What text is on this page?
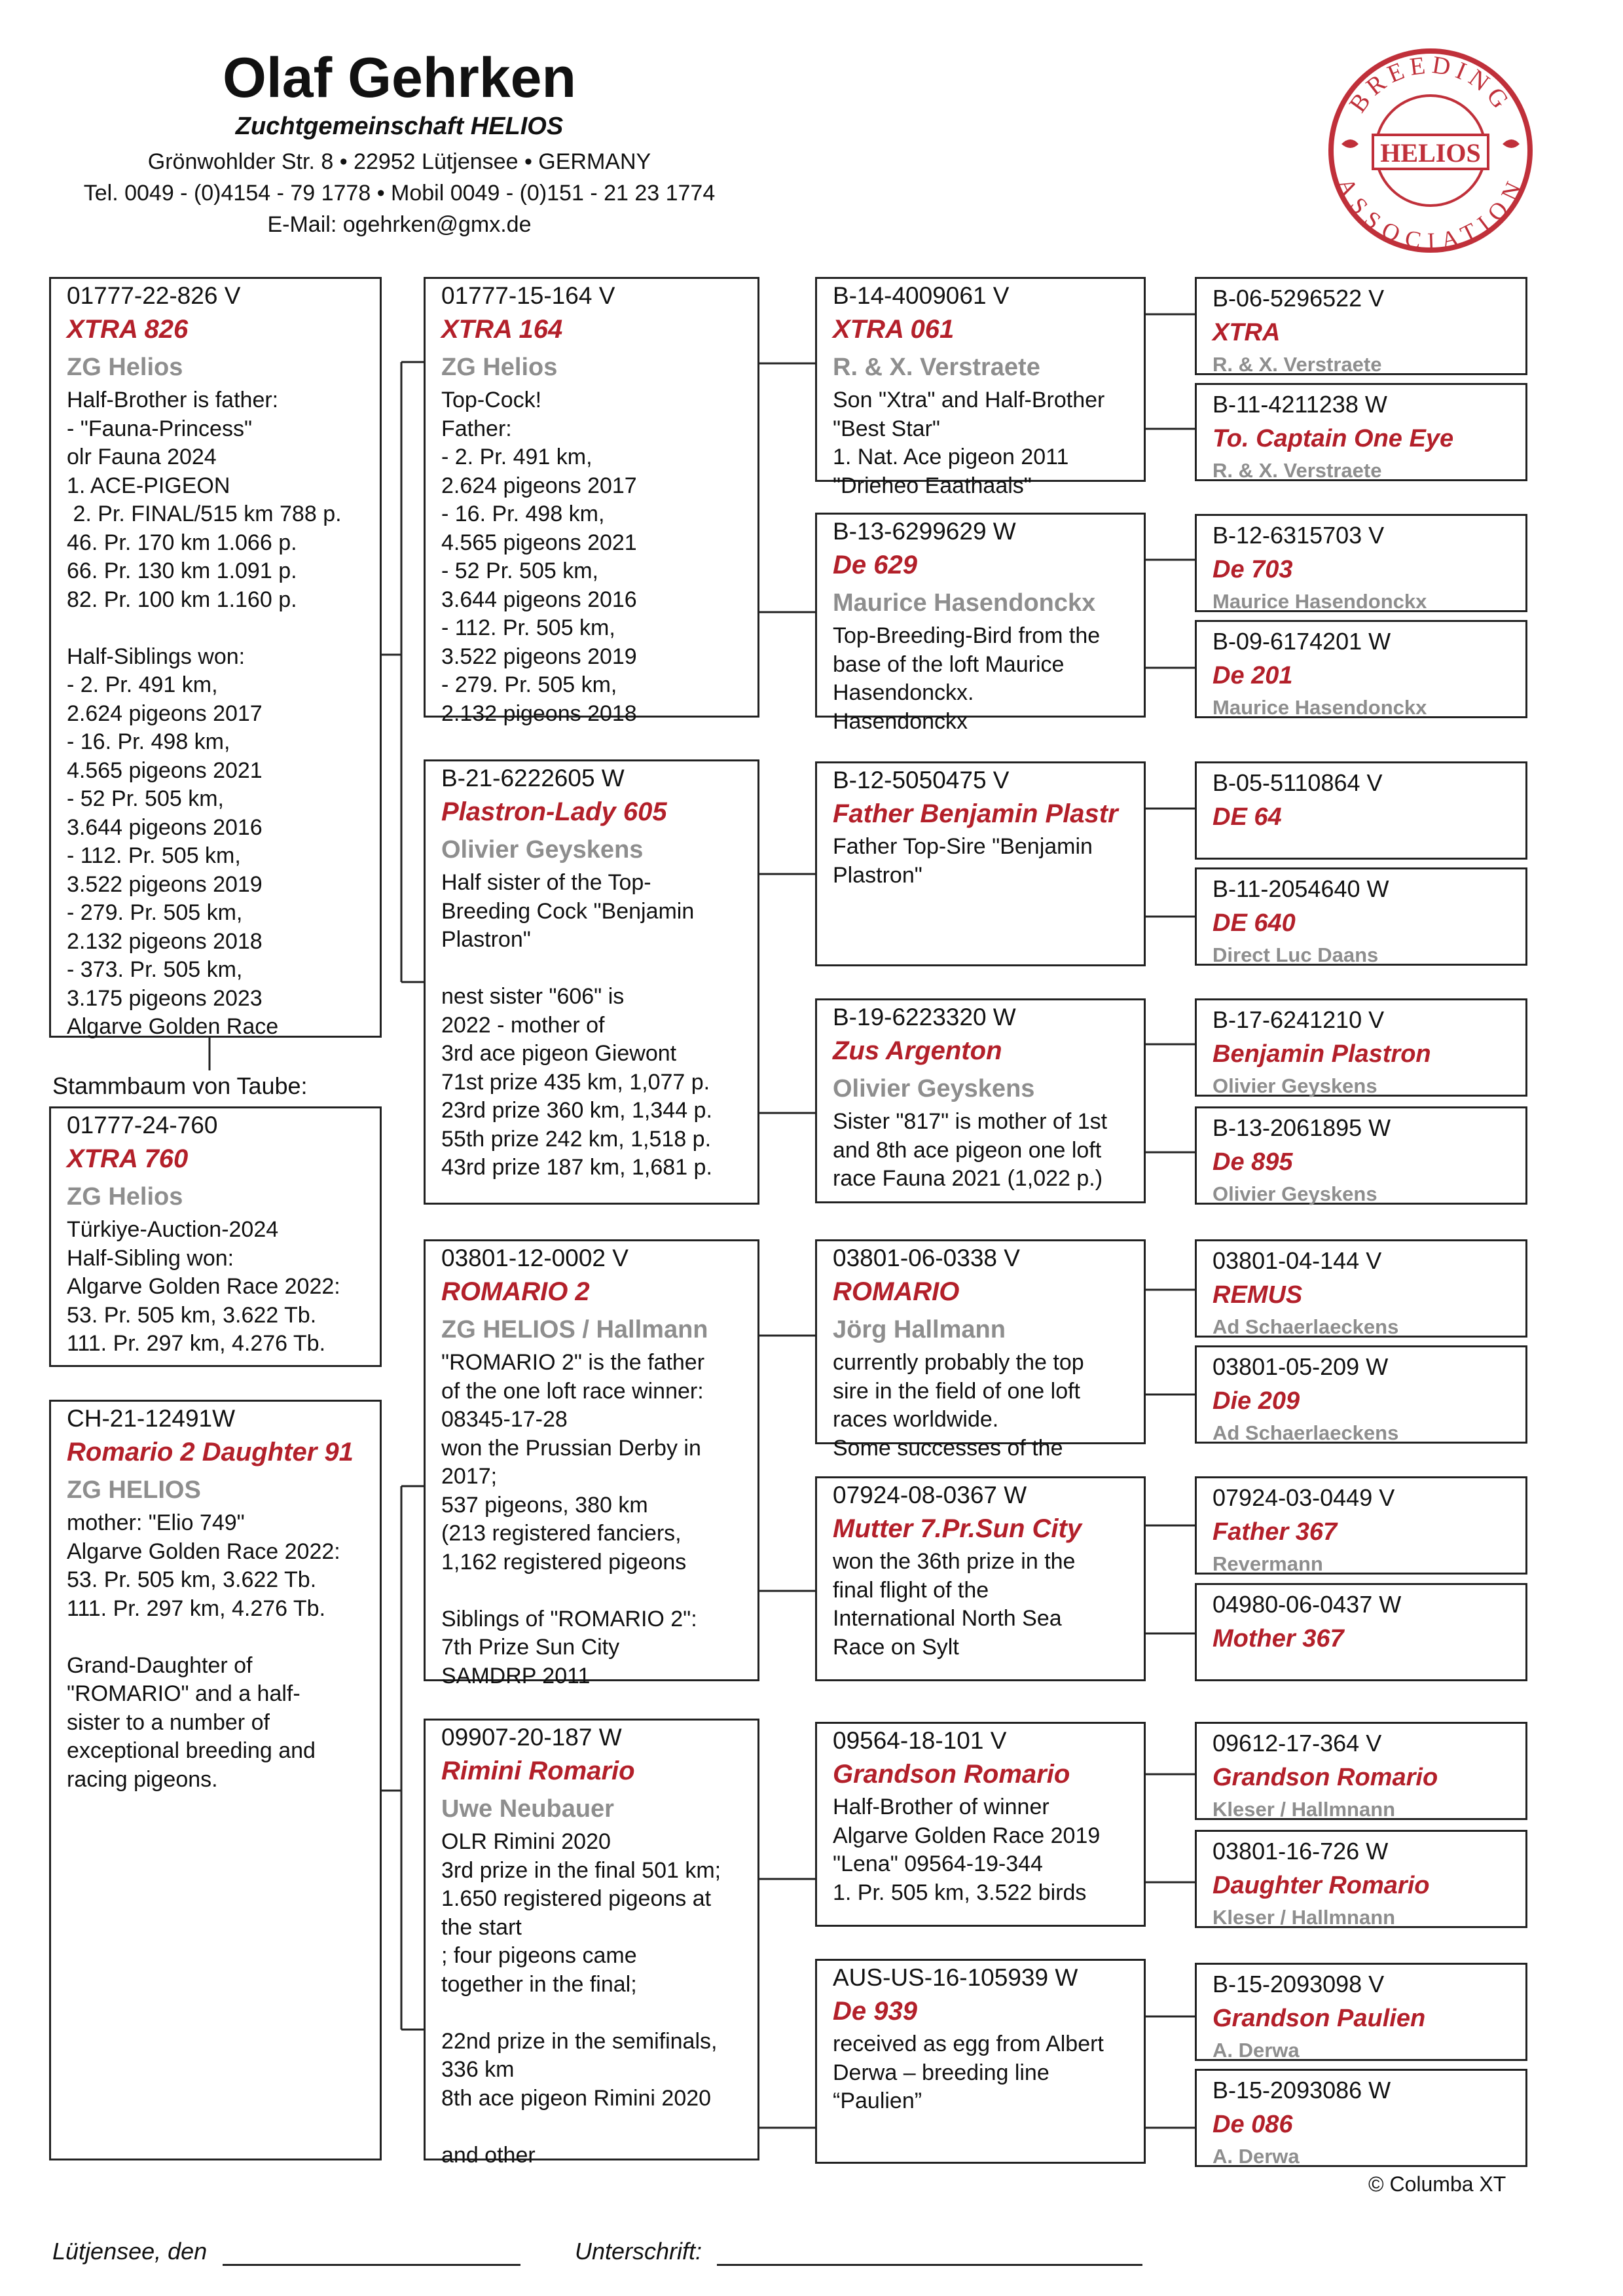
Olaf Gehrken
Zuchtgemeinschaft HELIOS
Grönwohlder Str. 8 • 22952 Lütjensee • GERMANY
Tel. 0049 - (0)4154 - 79 1778 • Mobil 0049 - (0)151 - 21 23 1774
E-Mail: ogehrken@gmx.de
BREEDING
ASSOCIATION
HELIOS
01777-22-826 V
XTRA 826
ZG Helios
Half-Brother is father:
- "Fauna-Princess"
olr Fauna 2024
1. ACE-PIGEON
2. Pr. FINAL/515 km 788 p.
46. Pr. 170 km 1.066 p.
66. Pr. 130 km 1.091 p.
82. Pr. 100 km 1.160 p.

Half-Siblings won:
- 2. Pr. 491 km,
2.624 pigeons 2017
- 16. Pr. 498 km,
4.565 pigeons 2021
- 52 Pr. 505 km,
3.644 pigeons 2016
- 112. Pr. 505 km,
3.522 pigeons 2019
- 279. Pr. 505 km,
2.132 pigeons 2018
- 373. Pr. 505 km,
3.175 pigeons 2023
Algarve Golden Race
Stammbaum von Taube:
01777-24-760
XTRA 760
ZG Helios
Türkiye-Auction-2024
Half-Sibling won:
Algarve Golden Race 2022:
53. Pr. 505 km, 3.622 Tb.
111. Pr. 297 km, 4.276 Tb.
CH-21-12491W
Romario 2 Daughter 91
ZG HELIOS
mother: "Elio 749"
Algarve Golden Race 2022:
53. Pr. 505 km, 3.622 Tb.
111. Pr. 297 km, 4.276 Tb.

Grand-Daughter of
"ROMARIO" and a half-
sister to a number of
exceptional breeding and
racing pigeons.
01777-15-164 V
XTRA 164
ZG Helios
Top-Cock!
Father:
- 2. Pr. 491 km,
2.624 pigeons 2017
- 16. Pr. 498 km,
4.565 pigeons 2021
- 52 Pr. 505 km,
3.644 pigeons 2016
- 112. Pr. 505 km,
3.522 pigeons 2019
- 279. Pr. 505 km,
2.132 pigeons 2018
B-21-6222605 W
Plastron-Lady 605
Olivier Geyskens
Half sister of the Top-
Breeding Cock "Benjamin
Plastron"

nest sister "606" is
2022 - mother of
3rd ace pigeon Giewont
71st prize 435 km, 1,077 p.
23rd prize 360 km, 1,344 p.
55th prize 242 km, 1,518 p.
43rd prize 187 km, 1,681 p.
03801-12-0002 V
ROMARIO 2
ZG HELIOS / Hallmann
"ROMARIO 2" is the father
of the one loft race winner:
08345-17-28
won the Prussian Derby in
2017;
537 pigeons, 380 km
(213 registered fanciers,
1,162 registered pigeons

Siblings of "ROMARIO 2":
7th Prize Sun City
SAMDRP 2011
09907-20-187 W
Rimini Romario
Uwe Neubauer
OLR Rimini 2020
3rd prize in the final 501 km;
1.650 registered pigeons at
the start
; four pigeons came
together in the final;

22nd prize in the semifinals,
336 km
8th ace pigeon Rimini 2020

and other
B-14-4009061 V
XTRA 061
R. & X. Verstraete
Son "Xtra" and Half-Brother
"Best Star"
1. Nat. Ace pigeon 2011
"Drieheo Eaathaals"
B-13-6299629 W
De 629
Maurice Hasendonckx
Top-Breeding-Bird from the
base of the loft Maurice
Hasendonckx.
Hasendonckx
B-12-5050475 V
Father Benjamin Plastr
Father Top-Sire "Benjamin
Plastron"
B-19-6223320 W
Zus Argenton
Olivier Geyskens
Sister "817" is mother of 1st
and 8th ace pigeon one loft
race Fauna 2021 (1,022 p.)
03801-06-0338 V
ROMARIO
Jörg Hallmann
currently probably the top
sire in the field of one loft
races worldwide.
Some successes of the
07924-08-0367 W
Mutter 7.Pr.Sun City
won the 36th prize in the
final flight of the
International North Sea
Race on Sylt
09564-18-101 V
Grandson Romario
Half-Brother of winner
Algarve Golden Race 2019
"Lena" 09564-19-344
1. Pr. 505 km, 3.522 birds
AUS-US-16-105939 W
De 939
received as egg from Albert
Derwa – breeding line
“Paulien”
B-06-5296522 V
XTRA
R. & X. Verstraete
B-11-4211238 W
To. Captain One Eye
R. & X. Verstraete
B-12-6315703 V
De 703
Maurice Hasendonckx
B-09-6174201 W
De 201
Maurice Hasendonckx
B-05-5110864 V
DE 64
B-11-2054640 W
DE 640
Direct Luc Daans
B-17-6241210 V
Benjamin Plastron
Olivier Geyskens
B-13-2061895 W
De 895
Olivier Geyskens
03801-04-144 V
REMUS
Ad Schaerlaeckens
03801-05-209 W
Die 209
Ad Schaerlaeckens
07924-03-0449 V
Father 367
Revermann
04980-06-0437 W
Mother 367
09612-17-364 V
Grandson Romario
Kleser / Hallmnann
03801-16-726 W
Daughter Romario
Kleser / Hallmnann
B-15-2093098 V
Grandson Paulien
A. Derwa
B-15-2093086 W
De 086
A. Derwa
© Columba XT
Lütjensee, den	Unterschrift:
